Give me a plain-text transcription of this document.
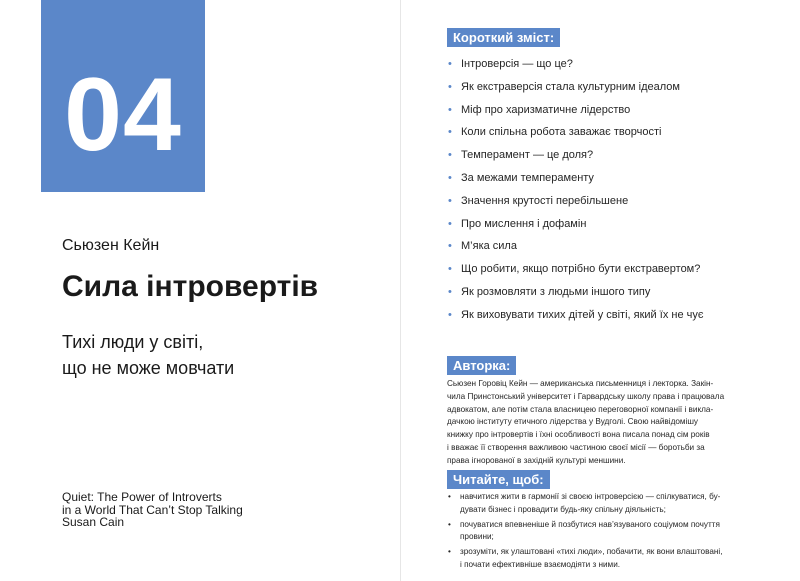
04
Сьюзен Кейн
Сила інтровертів
Тихі люди у світі,
що не може мовчати
Quiet: The Power of Introverts
in a World That Can’t Stop Talking
Susan Cain
Короткий зміст:
• Інтроверсія — що це?
• Як екстраверсія стала культурним ідеалом
• Міф про харизматичне лідерство
• Коли спільна робота заважає творчості
• Темперамент — це доля?
• За межами темпераменту
• Значення крутості перебільшене
• Про мислення і дофамін
• М’яка сила
• Що робити, якщо потрібно бути екстравертом?
• Як розмовляти з людьми іншого типу
• Як виховувати тихих дітей у світі, який їх не чує
Авторка:
Сьюзен Горовіц Кейн — американська письменниця і лекторка. Закін-
чила Принстонський університет і Гарвардську школу права і працювала
адвокатом, але потім стала власницею переговорної компанії і викла-
дачкою інституту етичного лідерства у Вудголі. Свою найвідомішу
книжку про інтровертів і їхні особливості вона писала понад сім років
і вважає її створення важливою частиною своєї місії — боротьби за
права ігнорованої в західній культурі меншини.
Читайте, щоб:
• навчитися жити в гармонії зі своєю інтроверсією — спілкуватися, бу-
дувати бізнес і провадити будь-яку спільну діяльність;
• почуватися впевненіше й позбутися нав’язуваного соціумом почуття
провини;
• зрозуміти, як улаштовані «тихі люди», побачити, як вони влаштовані,
і почати ефективніше взаємодіяти з ними.
